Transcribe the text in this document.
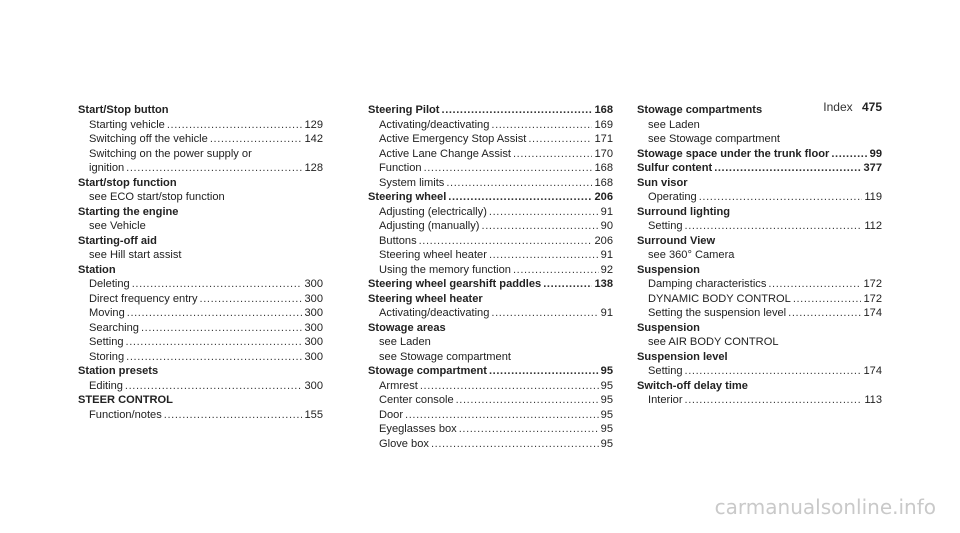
Index 475
Start/Stop button
Starting vehicle .....	129
Switching off the vehicle .....	142
Switching on the power supply or
ignition .....	128
Start/stop function
see ECO start/stop function
Starting the engine
see Vehicle
Starting-off aid
see Hill start assist
Station
Deleting .....	300
Direct frequency entry .....	300
Moving .....	300
Searching .....	300
Setting .....	300
Storing .....	300
Station presets
Editing .....	300
STEER CONTROL
Function/notes .....	155
Steering Pilot .....	168
Activating/deactivating .....	169
Active Emergency Stop Assist .....	171
Active Lane Change Assist .....	170
Function .....	168
System limits .....	168
Steering wheel .....	206
Adjusting (electrically) .....	91
Adjusting (manually) .....	90
Buttons .....	206
Steering wheel heater .....	91
Using the memory function .....	92
Steering wheel gearshift paddles .....	138
Steering wheel heater
Activating/deactivating .....	91
Stowage areas
see Laden
see Stowage compartment
Stowage compartment .....	95
Armrest .....	95
Center console .....	95
Door .....	95
Eyeglasses box .....	95
Glove box .....	95
Stowage compartments
see Laden
see Stowage compartment
Stowage space under the trunk floor .....	99
Sulfur content .....	377
Sun visor
Operating .....	119
Surround lighting
Setting .....	112
Surround View
see 360° Camera
Suspension
Damping characteristics .....	172
DYNAMIC BODY CONTROL .....	172
Setting the suspension level .....	174
Suspension
see AIR BODY CONTROL
Suspension level
Setting .....	174
Switch-off delay time
Interior .....	113
carmanualsonline.info
